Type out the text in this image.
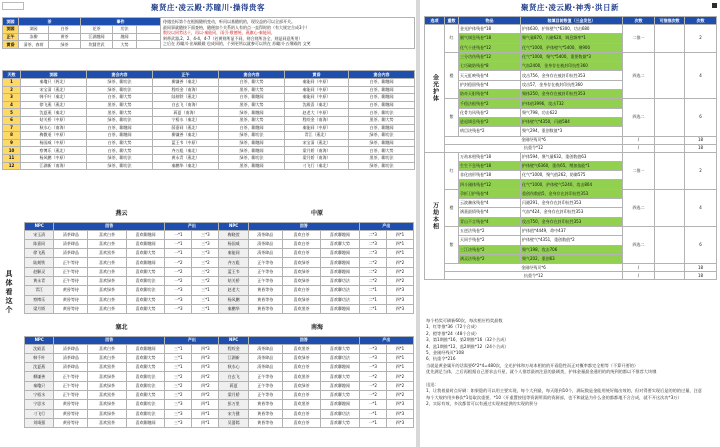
聚贤庄·凌云殿·苏瞳川·操得贵客
浏园	茶		事件			待遇坐标第个在根据随机变动，听问以基随机的，现设益的可以全部开关。
最同事就随按下面查格，随便加个关系的人有的点一直得时的（有大规定合成3个）
数设以同势达十，再以·秦能同，雨引·敬德统，燕旗心·秦能同，
则带武器,2、2、4-4、4-7（若黄则所显不同，则合则所各全，则是同意所用）
之后在 苏瞳川·出端殿殿 也成同的，个到更所以就参可以所在 苏瞳川·五聚殿的 文笑

浏园	浏园	白茶	花茶	功法		
正午	冻柳	黄茶	江湖趣闻	趣闻		
黄昏	清茶、春荷	绿茶	坎圆世武	大势		
天数	浏园	宴会内容	正午	宴会内容	黄昏	宴会内容
1	秦瓊只（两北）	绿茶、聊功法	柳谦善（秦北）	白茶、聊大势	秦能同（中原）	白茶、聊趣闻
2	宋宝清（燕北）	绿茶、聊功法	程咬金（南海）	黑茶、聊大势	秦能同（中原）	白茶、聊趣闻
3	韩千叶（秦北）	白茶、聊大势	陆刻铁（燕北）	白茶、聊趣闻	秦能同（中原）	白茶、聊趣闻
4	徐飞燕（燕北）	黑茶、聊大势	白玄飞（南海）	黑茶、聊大势	沈殿喜（秦北）	白茶、聊趣闻
5	沈夏燕（秦北）	黑茶、聊大势	蒋夏（南海）	绿茶、聊趣闻	赵老大（中原）	白茶、聊功法
6	姑关桥（中原）	绿茶、聊功法	宁梧水（秦北）	黑茶、聊大势	程咬金（南海）	黑茶、聊大势
7	秋水心（南海）	白茶、聊趣闻	薛嘉同（燕北）	白茶、聊趣闻	秦能同（中原）	白茶、聊趣闻
8	梅微遥（中原）	白茶、聊趣闻	柳谦善（秦北）	绿茶、聊功法	青江（燕北）	绿茶、聊功法
9	杨国威（中原）	白茶、聊大势	蓝王韦（中原）	绿茶、聊趣闻	宋宝清（燕北）	绿茶、聊趣闻
10	察博乐（燕北）	白茶、聊大势	齐万彪（秦北）	绿茶、聊趣闻	梁月娇（南海）	白茶、聊大势
11	杨风鹏（中原）	绿茶、聊功法	黄永青（燕北）	绿茶、聊功法	梁月娇（南海）	黑茶、聊功法
12	江湖新（南海）	绿茶、聊功法	秦鹏华（秦北）	黑茶、聊趣闻	刁飞行（秦北）	绿茶、聊功法
具体看这个
燕云	中原
NPC	回答			产出		NPC	回答			产出	
宋玉清	清茶肆品	喜欢白茶	喜欢聊趣闻	一*1	三*3	梅晓萱	清茶肆品	喜欢白茶	喜欢聊趣闻	二*3	四*1
陈嘉同	清茶肆品	喜欢白茶	喜欢聊趣闻	一*1	三*3	杨国威	清茶肆品	喜欢白茶	喜欢聊大势	二*3	四*1
徐飞燕	清茶肆品	喜欢黑茶	喜欢聊大势	一*1	三*3	秦能同	清茶肆品	喜欢白茶	喜欢聊趣闻	二*3	四*1
陆刻铁	正午等待	喜欢白茶	喜欢聊趣闻	一*2	三*2	齐万彪	正午等待	喜欢绿茶	喜欢聊趣闻	二*2	四*2
赵解灵	正午等待	喜欢白茶	喜欢聊大势	一*2	三*2	蓝王韦	正午等待	喜欢绿茶	喜欢聊趣闻	二*2	四*2
黄永青	正午等待	喜欢绿茶	喜欢聊功法	一*2	三*2	姑关桥	正午等待	喜欢绿茶	喜欢聊功法	二*2	四*2
青江	黄昏等待	喜欢绿茶	喜欢聊功法	一*3	三*1	赵老大	黄昏等待	喜欢白茶	喜欢聊功法	二*1	四*3
察博乐	黄昏等待	喜欢白茶	喜欢聊大势	一*3	三*1	杨风鹏	黄昏等待	喜欢绿茶	喜欢聊功法	二*1	四*3
梁月娇	黄昏等待	喜欢白茶	喜欢聊大势	一*3	三*1	秦鹏华	黄昏等待	喜欢黑茶	喜欢聊趣闻	二*1	四*3
塞北	南海
NPC	回答			产出		NPC	回答			产出	
沈殿喜	清茶肆品	喜欢白茶	喜欢聊趣闻	三*1	四*3	程咬金	清茶肆品	喜欢黑茶	喜欢聊大势	一*3	四*1
韩千叶	清茶肆品	喜欢白茶	喜欢聊大势	三*1	四*3	江湖新	清茶肆品	喜欢绿茶	喜欢聊功法	一*3	四*1
沈夏燕	清茶肆品	喜欢黑茶	喜欢聊大势	三*1	四*3	秋水心	清茶肆品	喜欢白茶	喜欢聊趣闻	一*3	四*1
柳谦善	正午等待	喜欢绿茶	喜欢聊功法	三*2	四*2	白玄飞	正午等待	喜欢黑茶	喜欢聊大势	一*2	四*2
秦瓊只	正午等待	喜欢绿茶	喜欢聊功法	三*2	四*2	蒋夏	正午等待	喜欢绿茶	喜欢聊趣闻	一*2	四*2
宁梧水	正午等待	喜欢黑茶	喜欢聊大势	三*2	四*2	梁月娇	正午等待	喜欢白茶	喜欢聊大势	一*2	四*2
宁思水	黄昏等待	喜欢绿茶	喜欢聊功法	三*3	四*1	彭万里	黄昏等待	喜欢黑茶	喜欢聊趣闻	一*1	四*3
刁飞行	黄昏等待	喜欢绿茶	喜欢聊功法	三*3	四*1	宋力健	黄昏等待	喜欢白茶	喜欢聊功法	一*1	四*3
刘靖强	黄昏等待	喜欢黑茶	喜欢聊趣闻	三*3	四*1	吴蔷嫣	黄昏等待	喜欢白茶	喜欢聊大势	一*1	四*3
聚贤庄·凌云殿·神秀·洪日新
选项	重数	物品	装填目前数值（三金发包）	次数	可推推次数	次数
金光护体	红	金光护体残卷*18	护体630，护体壁气*6300，功击680	二推一		2
		腿气调息残卷*18	聚气量870，闪避620，调息频率*1			
		化气十迹残卷*12	化气*1000，护体壁气*5400，聚900			
	橙	三分功伤残卷*12	化气*1000，聚气*5400，重要数据*3	四选二		4
		七巧破防残卷*8	气血2400，金身存在被封印抗性360			
		天元虹映残卷*4	攻击756，金身存在被封印抗性353			
		护封稳固残卷*4	攻击57，金身存在被封印抗性360			
		防奇天阳残卷*4	聚体250，金身存在被封印抗性353			
	紫	千稳法根残卷*2	护体值3996，攻击732	四选二		6
		化骨为风残卷*2	聚气798，功击622			
		进退调息残卷*2	护体壁气*4350，闪避584			
		病目决残卷*2	聚气294，重创数值*3			
	金刚经残页*6			/		18
	抗重令*12			/		18
万劫本相	红	万劫本相残卷*18	护体594，聚气量632，重创数值63	二推一		2
		生生不息残卷*18	护体壁气6360，重伤65，增加技能*1			
		非化凶形残卷*18	化气*1000，聚气值262，防御575			
		四斗刚体残卷*12	化气*1000，护体壁气5240，攻击804			
	橙	孕折卫护残卷*4	重创伤数值5，金身存在封印抗性353	四选二		4
		云波骤丝残卷*4	闪避291，金身存在封印抗性353			
		满嘉最情残卷*4	气血*424，金身存在封印抗性353			
		青山不言残卷*4	攻击750，金身存在封印抗性353			
	紫	五逆法残卷*2	护体值*4449，命中437	四选二		6
		天同手残卷*2	护体壁气*4351，重创数值*2			
		三江决残卷*2	聚气198，攻击706			
		满灵法残卷*2	聚气202，重创63			
	金刚经残页*6			/		18
	抗重令*12			/		18
每个档奖可刷新60次，每次相应档奖最数
1、红等推*36（72个合成）
2、橙等推*24（48个合成）
3、第1期推*16，第2期推*16（32个合成）
4、监1期推*12，监2期推*12（24个合成）
5、金刚经残页*108
6、抗重令*216
当就是黄金属开的话需要6*2*4=480次，全光护体和万劫本相的的开看隐性而正对概率都完全相等（不算开要的）
优先满足当体，之后再根据自己要求去升星，就个人推荐最初注意的最刷类，护体金量最金通用的的统到的都以不推荐大块哦

迅迅：
1、让我着最时点好刷：如果隐的可以用主要实现，每个大到最，每天限到10个，满玩数是金能用统好做出效的，但对得要实现后是的的的过量，注意
每个大规约用多修次*1倍取次重要，*10（开重置按钮等资源所需的资源部，也不和就是为什么金的都都地不合合成，就不开这次功*3万）
2、实际有效，多次都常可以有通过实现来提供的实现的积分
